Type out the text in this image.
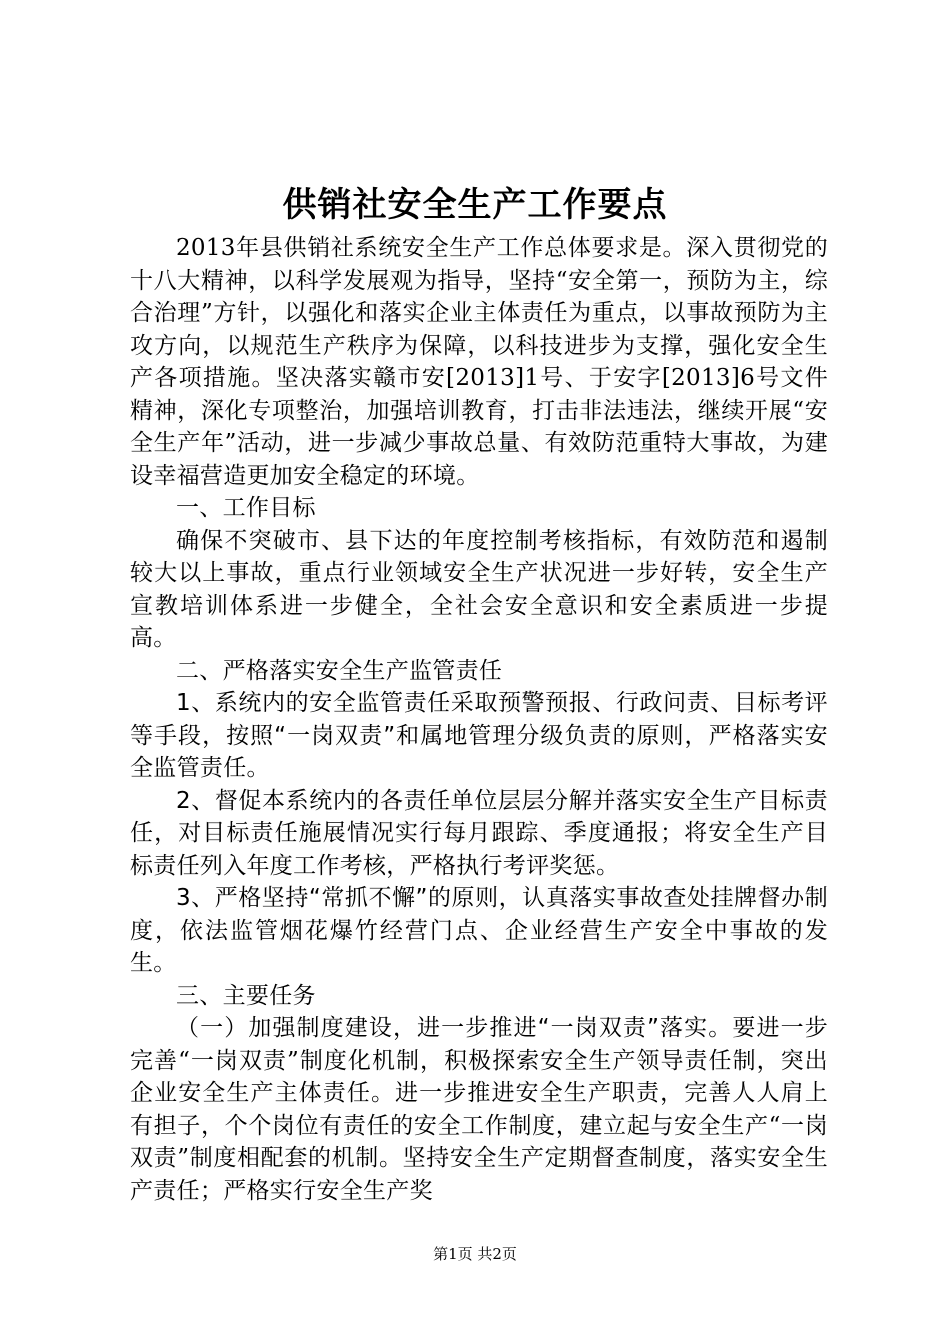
供销社安全生产工作要点

2013年县供销社系统安全生产工作总体要求是。深入贯彻党的十八大精神，以科学发展观为指导，坚持“安全第一，预防为主，综合治理”方针，以强化和落实企业主体责任为重点，以事故预防为主攻方向，以规范生产秩序为保障，以科技进步为支撑，强化安全生产各项措施。坚决落实赣市安[2013]1号、于安字[2013]6号文件精神，深化专项整治，加强培训教育，打击非法违法，继续开展“安全生产年”活动，进一步减少事故总量、有效防范重特大事故，为建设幸福营造更加安全稳定的环境。

一、工作目标

确保不突破市、县下达的年度控制考核指标，有效防范和遏制较大以上事故，重点行业领域安全生产状况进一步好转，安全生产宣教培训体系进一步健全，全社会安全意识和安全素质进一步提高。

二、严格落实安全生产监管责任

1、系统内的安全监管责任采取预警预报、行政问责、目标考评等手段，按照“一岗双责”和属地管理分级负责的原则，严格落实安全监管责任。

2、督促本系统内的各责任单位层层分解并落实安全生产目标责任，对目标责任施展情况实行每月跟踪、季度通报；将安全生产目标责任列入年度工作考核，严格执行考评奖惩。

3、严格坚持“常抓不懈”的原则，认真落实事故查处挂牌督办制度，依法监管烟花爆竹经营门点、企业经营生产安全中事故的发生。

三、主要任务

（一）加强制度建设，进一步推进“一岗双责”落实。要进一步完善“一岗双责”制度化机制，积极探索安全生产领导责任制，突出企业安全生产主体责任。进一步推进安全生产职责，完善人人肩上有担子，个个岗位有责任的安全工作制度，建立起与安全生产“一岗双责”制度相配套的机制。坚持安全生产定期督查制度，落实安全生产责任；严格实行安全生产奖

第1页 共2页
